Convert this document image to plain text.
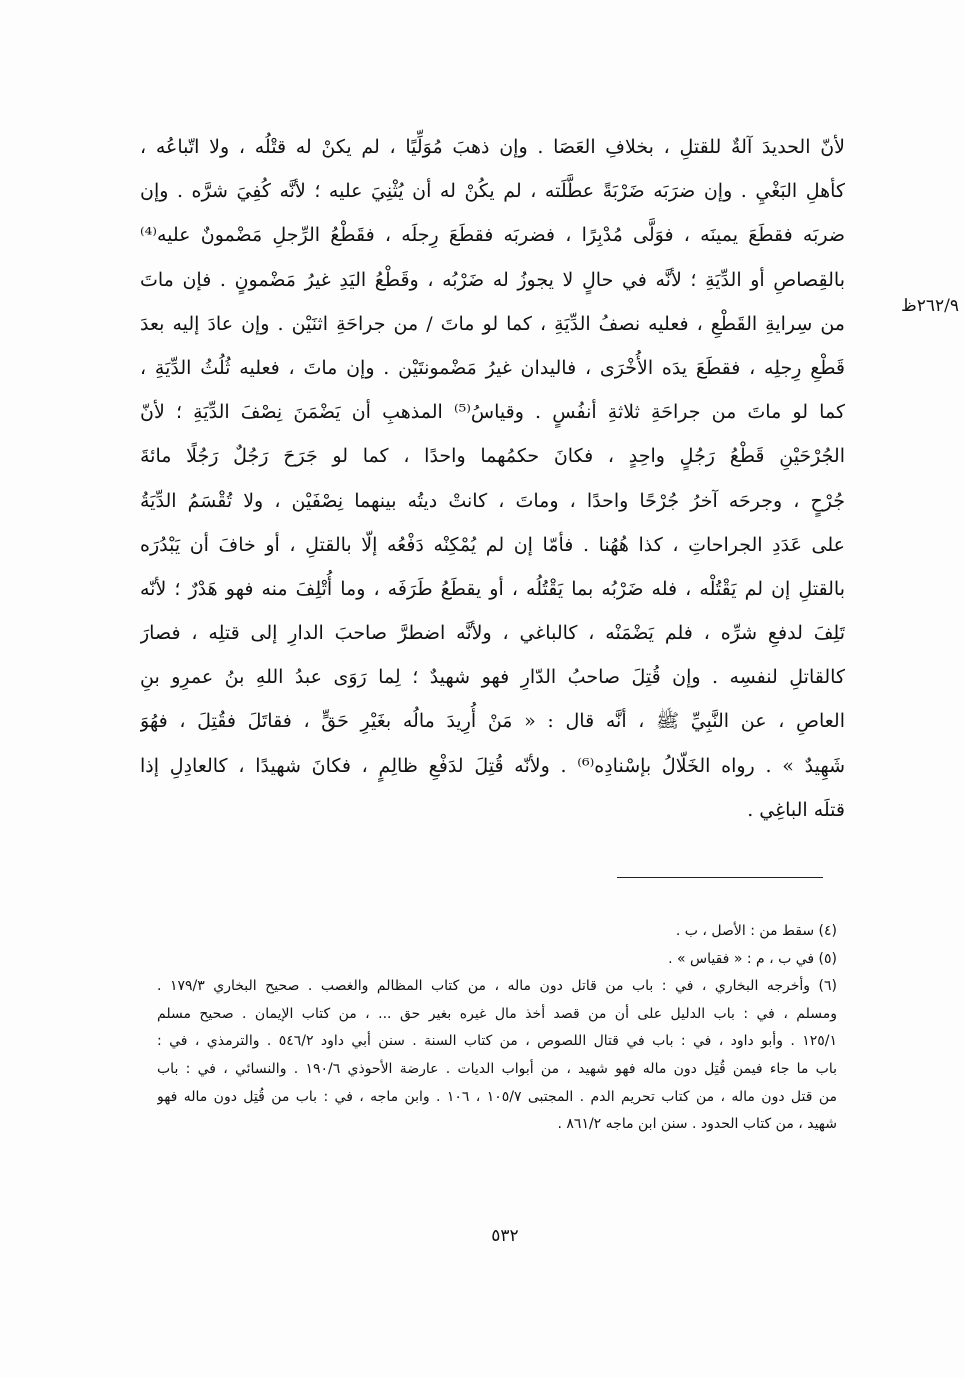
٢٦٢/٩ظ
لأنّ الحديدَ آلةٌ للقتلِ ، بخلافِ العَصَا . وإن ذهبَ مُوَلِّيًا ، لم يكنْ له قتْلُه ، ولا اتّباعُه ،
كأهلِ البَغْيِ . وإن ضرَبَه ضَرْبَةً عطَّلَته ، لم يكُنْ له أن يُثْنِيَ عليه ؛ لأنَّه كُفِيَ شرَّه . وإن
ضربَه فقطَعَ يمينَه ، فوَلَّى مُدْبِرًا ، فضربَه فقطَعَ رِجلَه ، فقَطْعُ الرِّجلِ مَضْمونٌ عليه⁽⁴⁾
بالقِصاصِ أو الدِّيَةِ ؛ لأنَّه في حالٍ لا يجوزُ له ضَرْبُه ، وقَطْعُ اليَدِ غيرُ مَضْمونٍ . فإن ماتَ
من سِرايةِ القَطْعِ ، فعليه نصفُ الدِّيَةِ ، كما لو ماتَ / من جراحَةِ اثنَيْن . وإن عادَ إليه بعدَ
قَطْعِ رِجلِه ، فقطَعَ يدَه الأُخْرَى ، فاليدان غيرُ مَضْمونتَيْن . وإن ماتَ ، فعليه ثُلُثُ الدِّيَةِ ،
كما لو ماتَ من جراحَةِ ثلاثةِ أنفُسٍ . وقياسُ⁽⁵⁾ المذهبِ أن يَضْمَنَ نِصْفَ الدِّيَةِ ؛ لأنّ
الجُرْحَيْنِ قَطْعُ رَجُلٍ واحِدٍ ، فكانَ حكمُهما واحدًا ، كما لو جَرَحَ رَجُلٌ رَجُلًا مائةَ
جُرْحٍ ، وجرحَه آخرُ جُرْحًا واحدًا ، وماتَ ، كانتْ ديتُه بينهما نِصْفَيْن ، ولا تُقْسَمُ الدِّيَةُ
على عَدَدِ الجراحاتِ ، كذا هُهُنا . فأمّا إن لم يُمْكِنْه دَفْعُه إلّا بالقتلِ ، أو خافَ أن يَبْدُرَه
بالقتلِ إن لم يَقْتُلْه ، فله ضَرْبُه بما يَقْتُلُه ، أو يقطَعُ طَرَفَه ، وما أُتْلِفَ منه فهو هَدْرٌ ؛ لأنّه
تَلِفَ لدفعِ شرِّه ، فلم يَضْمَنْه ، كالباغي ، ولأنَّه اضطرَّ صاحبَ الدارِ إلى قتلِه ، فصارَ
كالقاتلِ لنفسِه . وإن قُتِلَ صاحبُ الدّارِ فهو شهيدٌ ؛ لِما رَوَى عبدُ اللهِ بنُ عمرِو بنِ
العاصِ ، عن النَّبِيِّ ﷺ ، أنَّه قال : « مَنْ أُرِيدَ مالُه بغَيْرِ حَقٍّ ، فقاتَلَ فقُتِلَ ، فهُوَ
شَهِيدٌ » . رواه الخَلّالُ بإسْنادِه⁽⁶⁾ . ولأنّه قُتِلَ لدَفْعِ ظالِمٍ ، فكانَ شهيدًا ، كالعادِلِ إذا
قتلَه الباغِي .
(٤) سقط من : الأصل ، ب .
(٥) في ب ، م : « فقياس » .
(٦) وأخرجه البخاري ، في : باب من قاتل دون ماله ، من كتاب المظالم والغصب . صحيح البخاري ١٧٩/٣ .
ومسلم ، في : باب الدليل على أن من قصد أخذ مال غيره بغير حق ... ، من كتاب الإيمان . صحيح مسلم
١٢٥/١ . وأبو داود ، في : باب في قتال اللصوص ، من كتاب السنة . سنن أبي داود ٥٤٦/٢ . والترمذي ، في :
باب ما جاء فيمن قُتِل دون ماله فهو شهيد ، من أبواب الديات . عارضة الأحوذي ١٩٠/٦ . والنسائي ، في : باب
من قتل دون ماله ، من كتاب تحريم الدم . المجتبى ١٠٥/٧ ، ١٠٦ . وابن ماجه ، في : باب من قُتِل دون ماله فهو
شهيد ، من كتاب الحدود . سنن ابن ماجه ٨٦١/٢ .
٥٣٢
